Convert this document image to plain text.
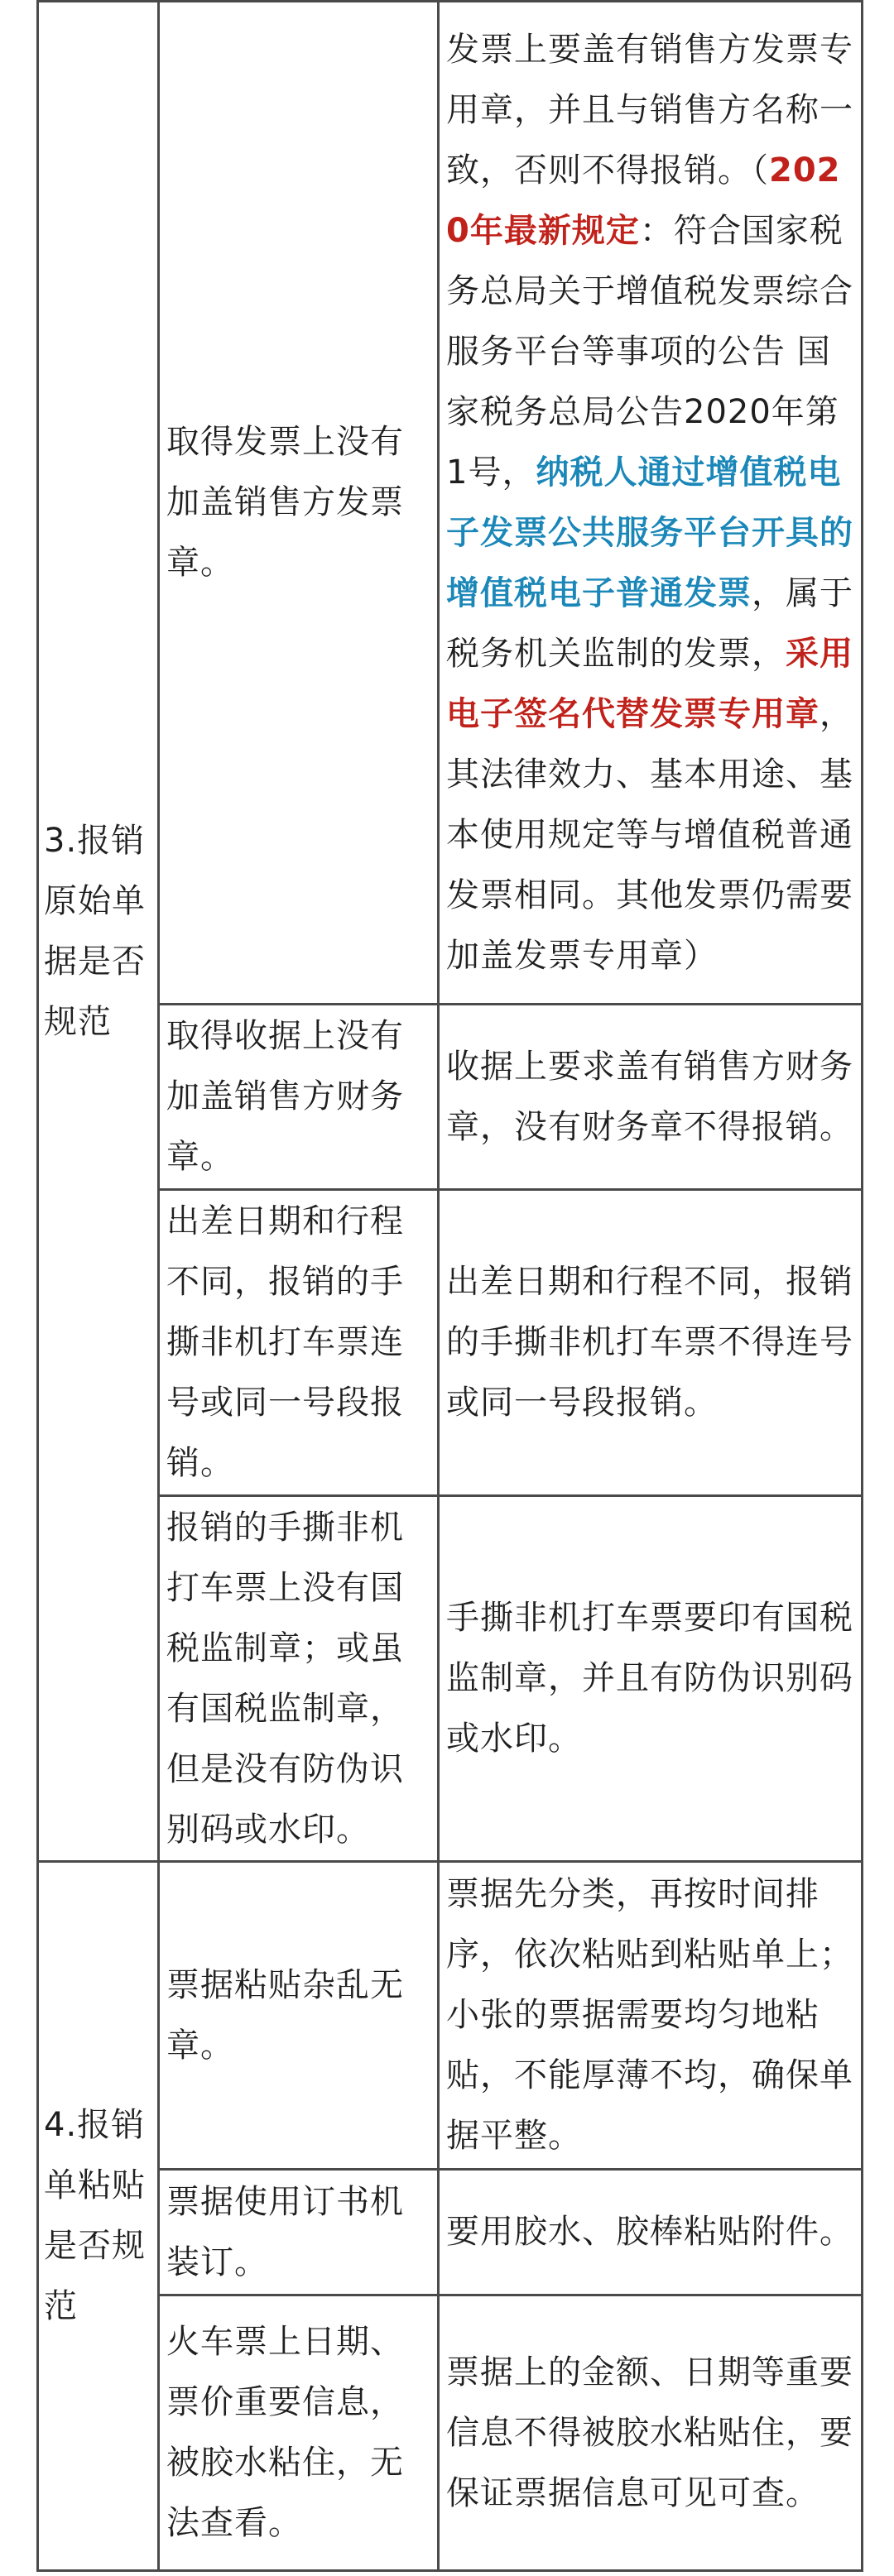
3.报销原始单据是否规范	取得发票上没有加盖销售方发票章。	发票上要盖有销售方发票专用章，并且与销售方名称一致，否则不得报销。（2020年最新规定：符合国家税务总局关于增值税发票综合服务平台等事项的公告 国家税务总局公告2020年第1号，纳税人通过增值税电子发票公共服务平台开具的增值税电子普通发票，属于税务机关监制的发票，采用电子签名代替发票专用章，其法律效力、基本用途、基本使用规定等与增值税普通发票相同。其他发票仍需要加盖发票专用章）

	取得收据上没有加盖销售方财务章。	收据上要求盖有销售方财务章，没有财务章不得报销。
	出差日期和行程不同，报销的手撕非机打车票连号或同一号段报销。	出差日期和行程不同，报销的手撕非机打车票不得连号或同一号段报销。
	报销的手撕非机打车票上没有国税监制章；或虽有国税监制章，但是没有防伪识别码或水印。	手撕非机打车票要印有国税监制章，并且有防伪识别码或水印。
4.报销单粘贴是否规范	票据粘贴杂乱无章。	票据先分类，再按时间排序，依次粘贴到粘贴单上；小张的票据需要均匀地粘贴，不能厚薄不均，确保单据平整。
	票据使用订书机装订。	要用胶水、胶棒粘贴附件。
	火车票上日期、票价重要信息，被胶水粘住，无法查看。	票据上的金额、日期等重要信息不得被胶水粘贴住，要保证票据信息可见可查。
